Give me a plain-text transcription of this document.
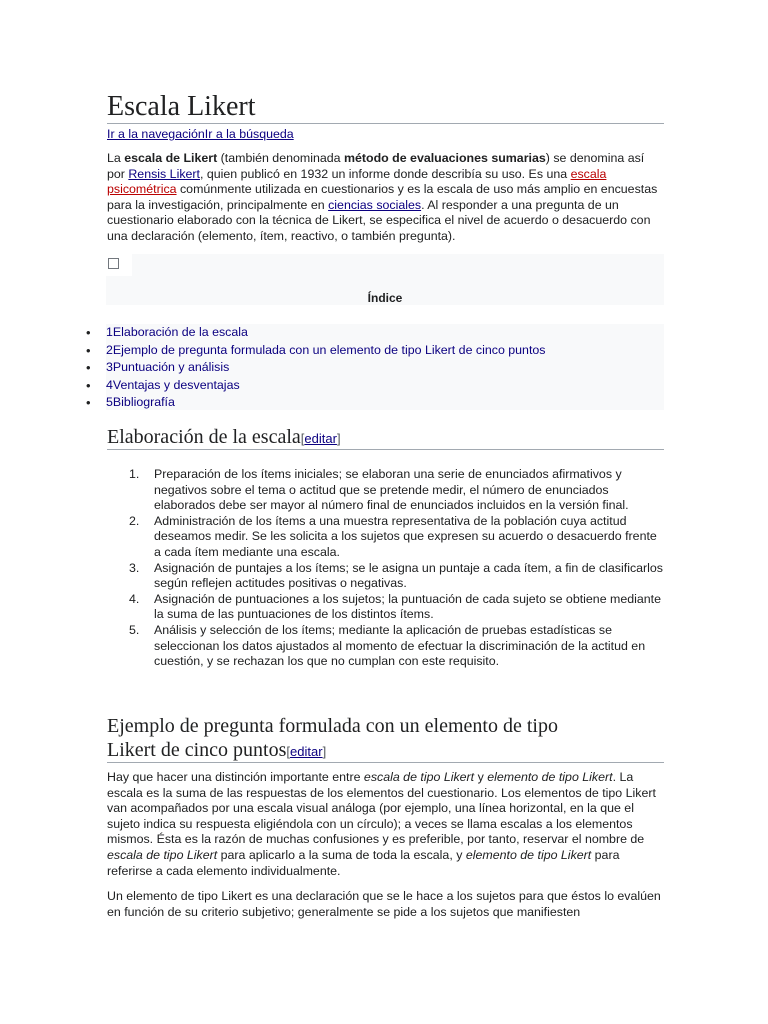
Escala Likert
Ir a la navegaciónIr a la búsqueda

La escala de Likert (también denominada método de evaluaciones sumarias) se denomina así por Rensis Likert, quien publicó en 1932 un informe donde describía su uso. Es una escala psicométrica comúnmente utilizada en cuestionarios y es la escala de uso más amplio en encuestas para la investigación, principalmente en ciencias sociales. Al responder a una pregunta de un cuestionario elaborado con la técnica de Likert, se especifica el nivel de acuerdo o desacuerdo con una declaración (elemento, ítem, reactivo, o también pregunta).

Índice
• 1Elaboración de la escala
• 2Ejemplo de pregunta formulada con un elemento de tipo Likert de cinco puntos
• 3Puntuación y análisis
• 4Ventajas y desventajas
• 5Bibliografía
Elaboración de la escala[editar]
1. Preparación de los ítems iniciales; se elaboran una serie de enunciados afirmativos y negativos sobre el tema o actitud que se pretende medir, el número de enunciados elaborados debe ser mayor al número final de enunciados incluidos en la versión final.
2. Administración de los ítems a una muestra representativa de la población cuya actitud deseamos medir. Se les solicita a los sujetos que expresen su acuerdo o desacuerdo frente a cada ítem mediante una escala.
3. Asignación de puntajes a los ítems; se le asigna un puntaje a cada ítem, a fin de clasificarlos según reflejen actitudes positivas o negativas.
4. Asignación de puntuaciones a los sujetos; la puntuación de cada sujeto se obtiene mediante la suma de las puntuaciones de los distintos ítems.
5. Análisis y selección de los ítems; mediante la aplicación de pruebas estadísticas se seleccionan los datos ajustados al momento de efectuar la discriminación de la actitud en cuestión, y se rechazan los que no cumplan con este requisito.
Ejemplo de pregunta formulada con un elemento de tipo
Likert de cinco puntos[editar]

Hay que hacer una distinción importante entre escala de tipo Likert y elemento de tipo Likert. La escala es la suma de las respuestas de los elementos del cuestionario. Los elementos de tipo Likert van acompañados por una escala visual análoga (por ejemplo, una línea horizontal, en la que el sujeto indica su respuesta eligiéndola con un círculo); a veces se llama escalas a los elementos mismos. Ésta es la razón de muchas confusiones y es preferible, por tanto, reservar el nombre de escala de tipo Likert para aplicarlo a la suma de toda la escala, y elemento de tipo Likert para referirse a cada elemento individualmente.

Un elemento de tipo Likert es una declaración que se le hace a los sujetos para que éstos lo evalúen en función de su criterio subjetivo; generalmente se pide a los sujetos que manifiesten
